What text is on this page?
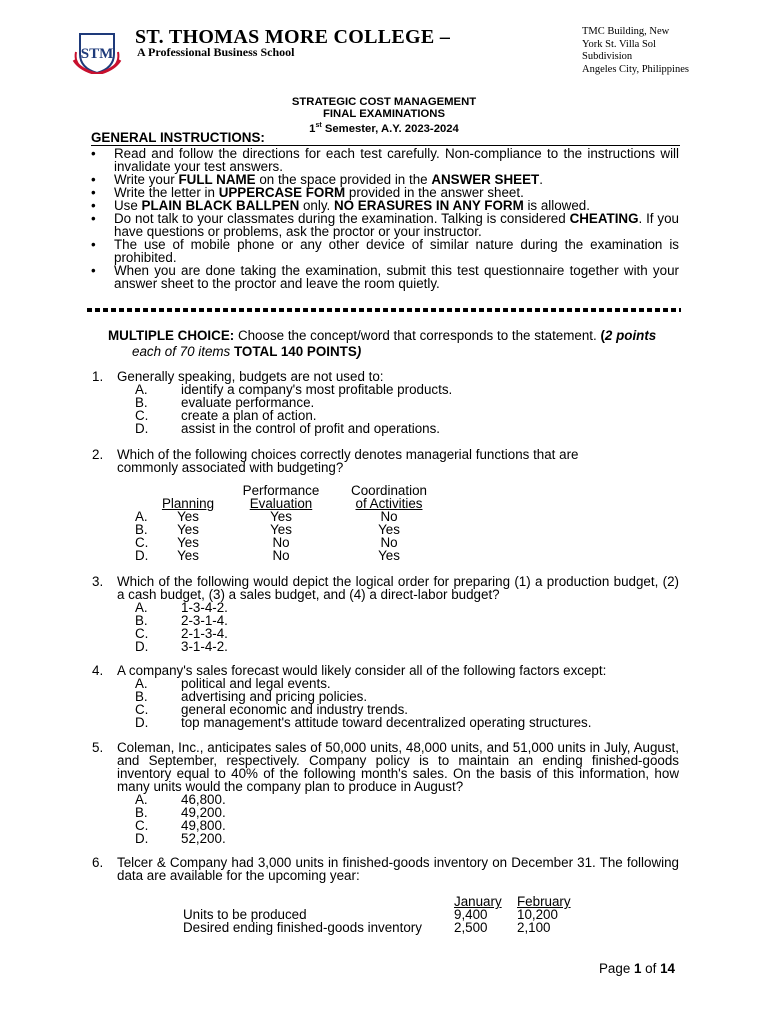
STM
ST. THOMAS MORE COLLEGE –
A Professional Business School
TMC Building, New
York St. Villa Sol
Subdivision
Angeles City, Philippines
STRATEGIC COST MANAGEMENT
FINAL EXAMINATIONS
1st Semester, A.Y. 2023-2024
GENERAL INSTRUCTIONS:
• Read and follow the directions for each test carefully. Non-compliance to the instructions will invalidate your test answers.
• Write your FULL NAME on the space provided in the ANSWER SHEET.
• Write the letter in UPPERCASE FORM provided in the answer sheet.
• Use PLAIN BLACK BALLPEN only. NO ERASURES IN ANY FORM is allowed.
• Do not talk to your classmates during the examination. Talking is considered CHEATING. If you have questions or problems, ask the proctor or your instructor.
• The use of mobile phone or any other device of similar nature during the examination is prohibited.
• When you are done taking the examination, submit this test questionnaire together with your answer sheet to the proctor and leave the room quietly.
MULTIPLE CHOICE: Choose the concept/word that corresponds to the statement. (2 points
each of 70 items TOTAL 140 POINTS)
1. Generally speaking, budgets are not used to:
A. identify a company's most profitable products.
B. evaluate performance.
C. create a plan of action.
D. assist in the control of profit and operations.
2. Which of the following choices correctly denotes managerial functions that are
commonly associated with budgeting?
Performance	Coordination
Planning	Evaluation	of Activities
A.	Yes	Yes	No
B.	Yes	Yes	Yes
C.	Yes	No	No
D.	Yes	No	Yes
3. Which of the following would depict the logical order for preparing (1) a production budget, (2) a cash budget, (3) a sales budget, and (4) a direct-labor budget?
A. 1-3-4-2.
B. 2-3-1-4.
C. 2-1-3-4.
D. 3-1-4-2.
4. A company's sales forecast would likely consider all of the following factors except:
A. political and legal events.
B. advertising and pricing policies.
C. general economic and industry trends.
D. top management's attitude toward decentralized operating structures.
5. Coleman, Inc., anticipates sales of 50,000 units, 48,000 units, and 51,000 units in July, August, and September, respectively. Company policy is to maintain an ending finished-goods inventory equal to 40% of the following month's sales. On the basis of this information, how many units would the company plan to produce in August?
A. 46,800.
B. 49,200.
C. 49,800.
D. 52,200.
6. Telcer & Company had 3,000 units in finished-goods inventory on December 31. The following data are available for the upcoming year:
January February
Units to be produced	9,400 10,200
Desired ending finished-goods inventory 2,500 2,100
Page 1 of 14
